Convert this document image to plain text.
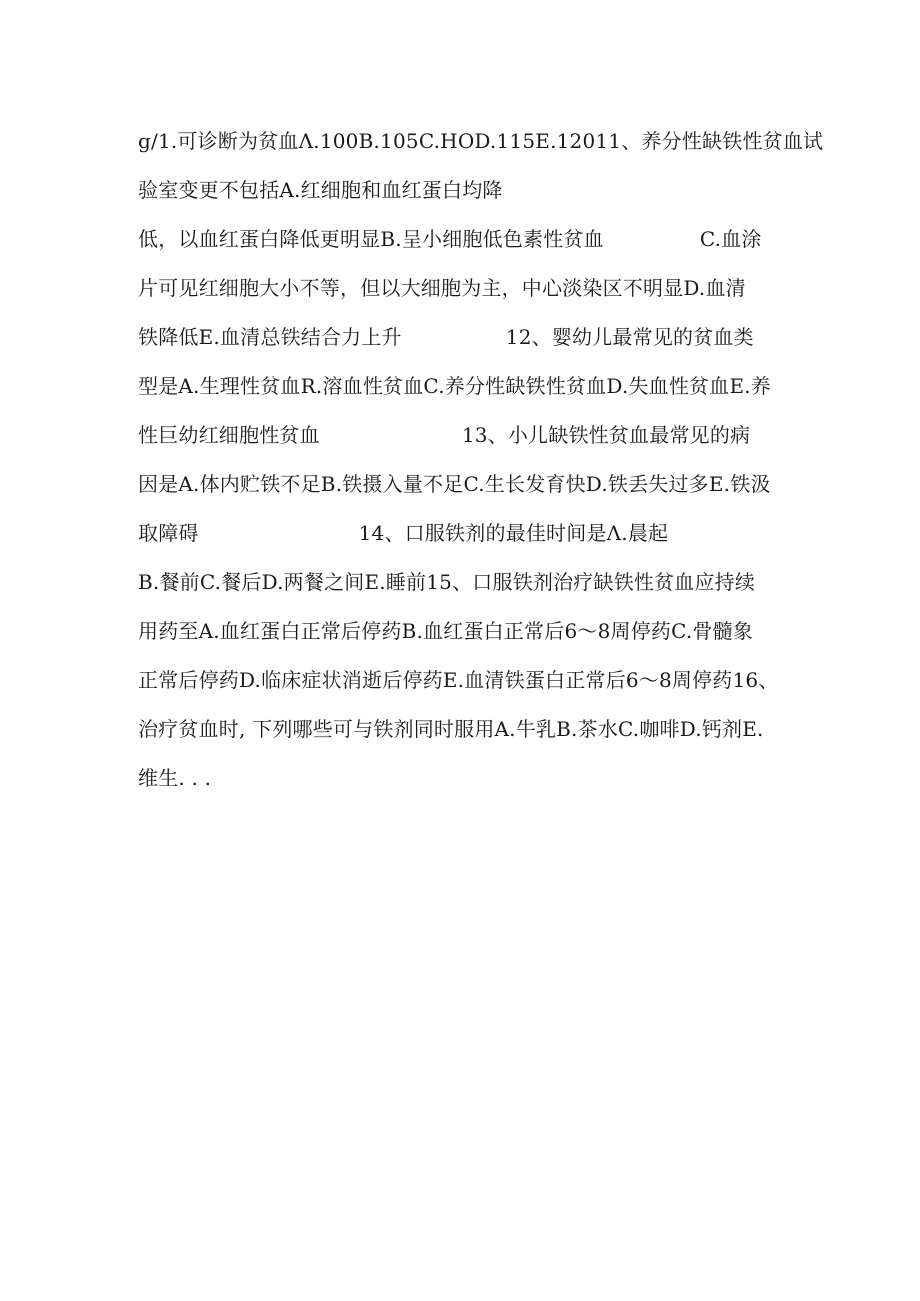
g/1.可诊断为贫血Λ.100B.105C.HOD.115E.12011、养分性缺铁性贫血试
验室变更不包括A.红细胞和血红蛋白均降
低，以血红蛋白降低更明显B.呈小细胞低色素性贫血	C.血涂
片可见红细胞大小不等，但以大细胞为主，中心淡染区不明显D.血清
铁降低E.血清总铁结合力上升	12、婴幼儿最常见的贫血类
型是A.生理性贫血R.溶血性贫血C.养分性缺铁性贫血D.失血性贫血E.养
性巨幼红细胞性贫血	13、小儿缺铁性贫血最常见的病
因是A.体内贮铁不足B.铁摄入量不足C.生长发育快D.铁丢失过多E.铁汲
取障碍	14、口服铁剂的最佳时间是Λ.晨起
B.餐前C.餐后D.两餐之间E.睡前15、口服铁剂治疗缺铁性贫血应持续
用药至A.血红蛋白正常后停药B.血红蛋白正常后6～8周停药C.骨髓象
正常后停药D.临床症状消逝后停药E.血清铁蛋白正常后6～8周停药16、
治疗贫血时, 下列哪些可与铁剂同时服用A.牛乳B.茶水C.咖啡D.钙剂E.
维生. . .
